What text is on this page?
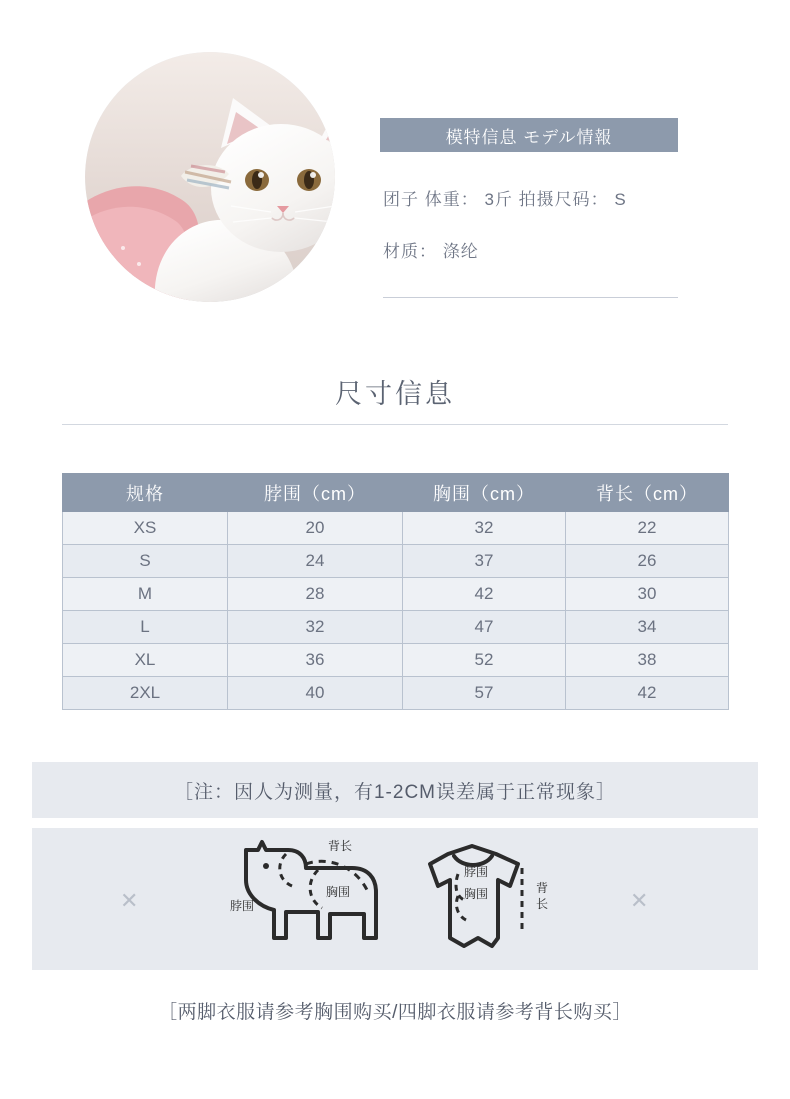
模特信息 モデル情報
团子 体重： 3斤 拍摄尺码： S
材质： 涤纶
尺寸信息
规格	脖围（cm）	胸围（cm）	背长（cm）
XS	20	32	22
S	24	37	26
M	28	42	30
L	32	47	34
XL	36	52	38
2XL	40	57	42
［注：因人为测量，有1-2CM误差属于正常现象］
✕	✕
背长
脖围
胸围
脖围
胸围	背
长
［两脚衣服请参考胸围购买/四脚衣服请参考背长购买］
